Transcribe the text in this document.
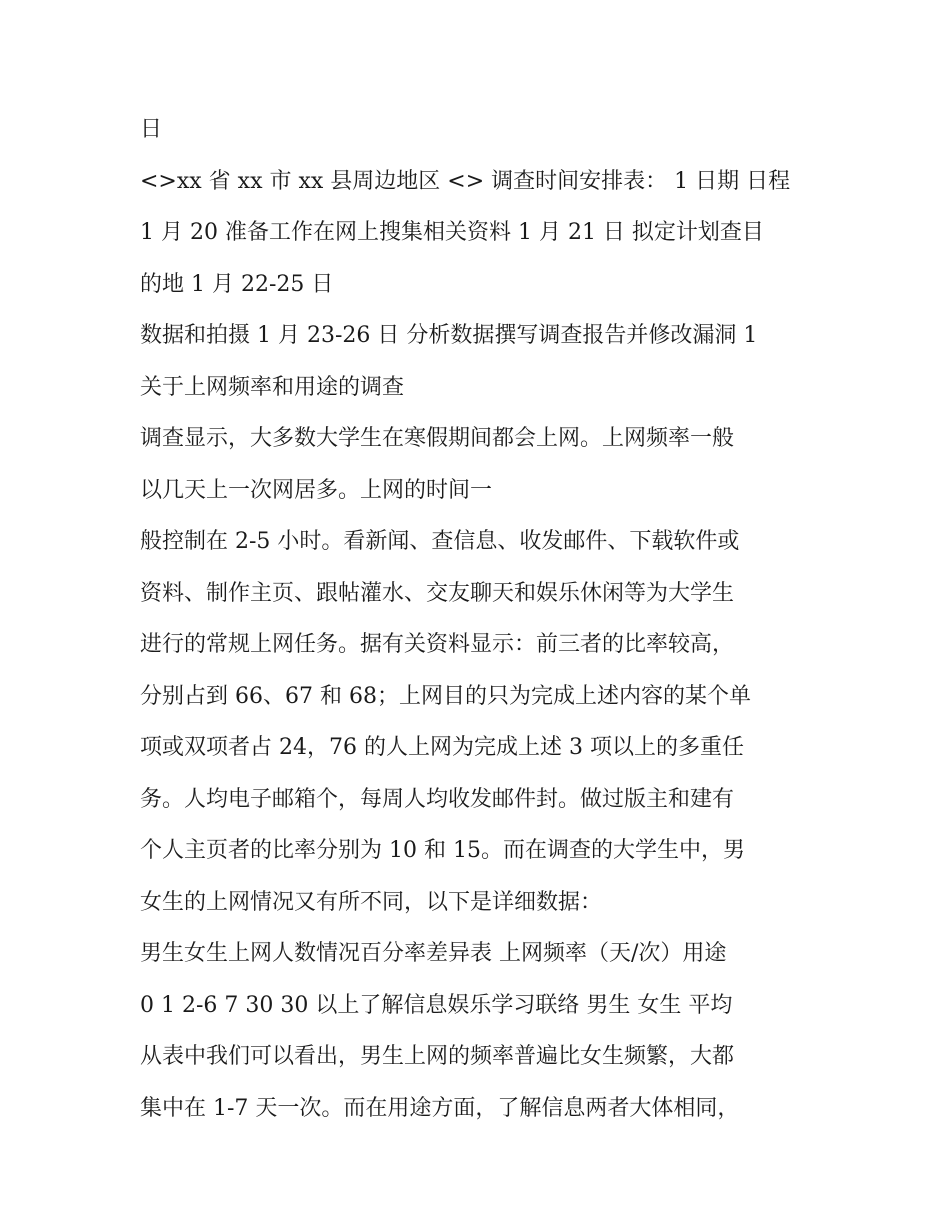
日
<>xx 省 xx 市 xx 县周边地区 <> 调查时间安排表： 1 日期 日程
1 月 20 准备工作在网上搜集相关资料 1 月 21 日 拟定计划查目
的地 1 月 22-25 日
数据和拍摄 1 月 23-26 日 分析数据撰写调查报告并修改漏洞 1
关于上网频率和用途的调查
调查显示，大多数大学生在寒假期间都会上网。上网频率一般
以几天上一次网居多。上网的时间一
般控制在 2-5 小时。看新闻、查信息、收发邮件、下载软件或
资料、制作主页、跟帖灌水、交友聊天和娱乐休闲等为大学生
进行的常规上网任务。据有关资料显示：前三者的比率较高，
分别占到 66、67 和 68；上网目的只为完成上述内容的某个单
项或双项者占 24，76 的人上网为完成上述 3 项以上的多重任
务。人均电子邮箱个，每周人均收发邮件封。做过版主和建有
个人主页者的比率分别为 10 和 15。而在调查的大学生中，男
女生的上网情况又有所不同，以下是详细数据：
男生女生上网人数情况百分率差异表 上网频率（天/次）用途
0 1 2-6 7 30 30 以上了解信息娱乐学习联络 男生 女生 平均
从表中我们可以看出，男生上网的频率普遍比女生频繁，大都
集中在 1-7 天一次。而在用途方面，了解信息两者大体相同，
